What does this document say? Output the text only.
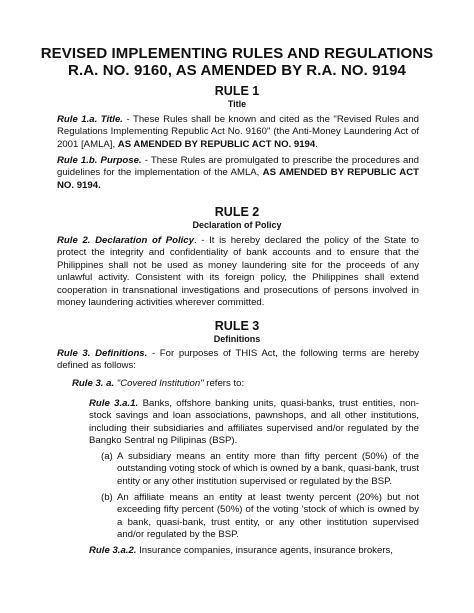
REVISED IMPLEMENTING RULES AND REGULATIONS
R.A. NO. 9160, AS AMENDED BY R.A. NO. 9194
RULE 1
Title

Rule 1.a. Title. - These Rules shall be known and cited as the "Revised Rules and Regulations Implementing Republic Act No. 9160" (the Anti-Money Laundering Act of 2001 [AMLA], AS AMENDED BY REPUBLIC ACT NO. 9194.

Rule 1.b. Purpose. - These Rules are promulgated to prescribe the procedures and guidelines for the implementation of the AMLA, AS AMENDED BY REPUBLIC ACT NO. 9194.

RULE 2
Declaration of Policy

Rule 2. Declaration of Policy. - It is hereby declared the policy of the State to protect the integrity and confidentiality of bank accounts and to ensure that the Philippines shall not be used as money laundering site for the proceeds of any unlawful activity. Consistent with its foreign policy, the Philippines shall extend cooperation in transnational investigations and prosecutions of persons involved in money laundering activities wherever committed.

RULE 3
Definitions

Rule 3. Definitions. - For purposes of THIS Act, the following terms are hereby defined as follows:

Rule 3. a. "Covered Institution" refers to:

Rule 3.a.1. Banks, offshore banking units, quasi-banks, trust entities, non-stock savings and loan associations, pawnshops, and all other institutions, including their subsidiaries and affiliates supervised and/or regulated by the Bangko Sentral ng Pilipinas (BSP).

(a) A subsidiary means an entity more than fifty percent (50%) of the outstanding voting stock of which is owned by a bank, quasi-bank, trust entity or any other institution supervised or regulated by the BSP.

(b) An affiliate means an entity at least twenty percent (20%) but not exceeding fifty percent (50%) of the voting 'stock of which is owned by a bank, quasi-bank, trust entity, or any other institution supervised and/or regulated by the BSP.

Rule 3.a.2. Insurance companies, insurance agents, insurance brokers,
